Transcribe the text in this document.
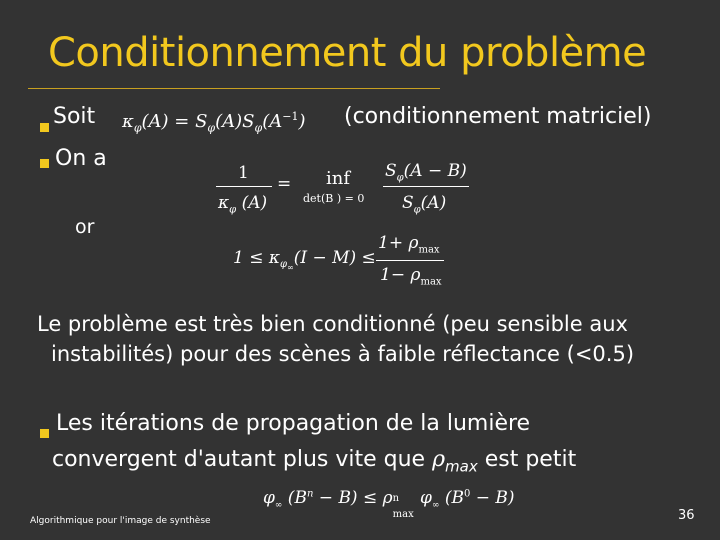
Conditionnement du problème
Soit $\kappa_\varphi(A) = S_\varphi(A)S_\varphi(A^{-1})$ (conditionnement matriciel)
On a
1
$\kappa_\varphi$ (A)
= inf
det(B ) = 0
$S_\varphi(A - B)$
$S_\varphi(A)$
or
$1 \le \kappa_{\varphi_\infty}(I - M)$ ≤
$1+ \rho_{max}$
$1- \rho_{max}$
Le problème est très bien conditionné (peu sensible aux
instabilités) pour des scènes à faible réflectance (<0.5)
Les itérations de propagation de la lumière
convergent d'autant plus vite que $\rho_{max}$ est petit
$\varphi_\infty$ $(B^n - B) \le \rho$ n
max
$\varphi_\infty$ $(B^0 - B)$
Algorithmique pour l'image de synthèse	36
